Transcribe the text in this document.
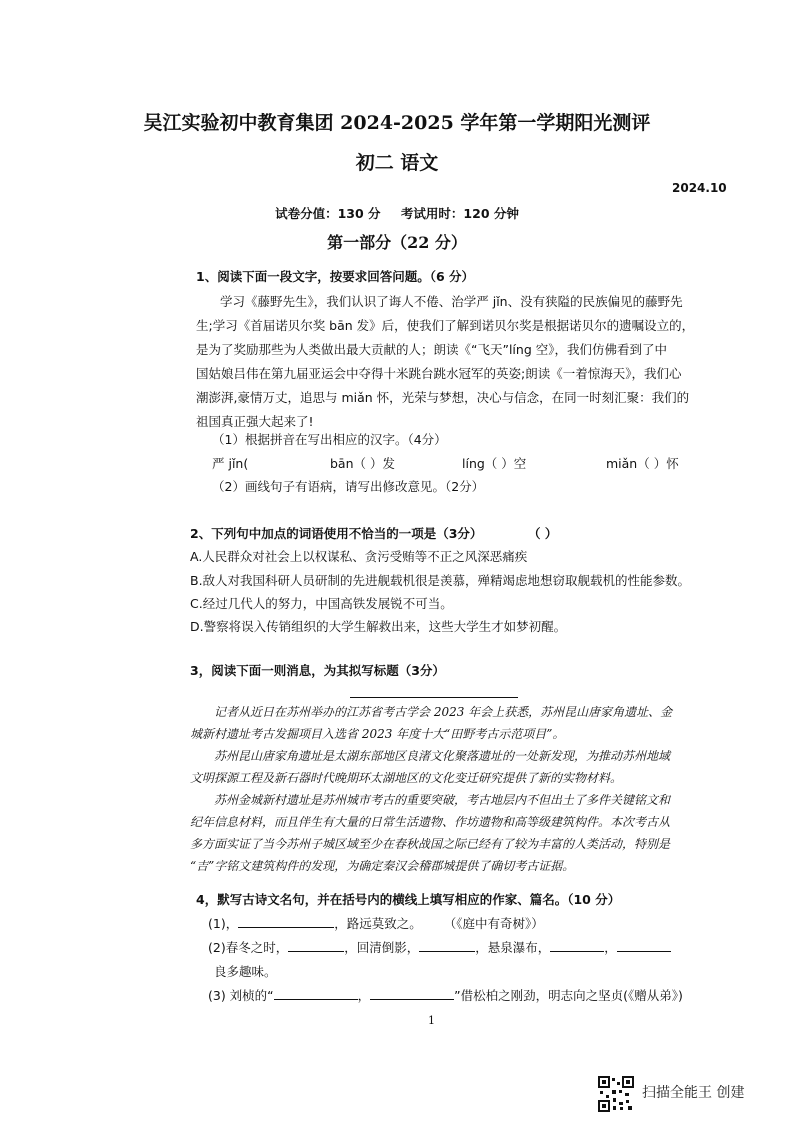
吴江实验初中教育集团 2024-2025 学年第一学期阳光测评
初二 语文
2024.10
试卷分值：130 分 考试用时：120 分钟
第一部分（22 分）
1、阅读下面一段文字，按要求回答问题。（6 分）
学习《藤野先生》，我们认识了诲人不倦、治学严 jǐn、没有狭隘的民族偏见的藤野先
生;学习《首届诺贝尔奖 bān 发》后，使我们了解到诺贝尔奖是根据诺贝尔的遗嘱设立的，
是为了奖励那些为人类做出最大贡献的人；朗读《“飞天”líng 空》，我们仿佛看到了中
国姑娘吕伟在第九届亚运会中夺得十米跳台跳水冠军的英姿;朗读《一着惊海天》，我们心
潮澎湃,豪情万丈，追思与 miǎn 怀，光荣与梦想，决心与信念，在同一时刻汇聚：我们的
祖国真正强大起来了!
（1）根据拼音在写出相应的汉字。（4分）
严 jǐn(	bān（ ）发	líng（ ）空	miǎn（ ）怀
（2）画线句子有语病，请写出修改意见。（2分）
2、下列句中加点的词语使用不恰当的一项是（3分）	（ ）
A.人民群众对社会上以权谋私、贪污受贿等不正之风深恶痛疾
B.敌人对我国科研人员研制的先进舰载机很是羡慕，殚精竭虑地想窃取舰载机的性能参数。
C.经过几代人的努力，中国高铁发展锐不可当。
D.警察将误入传销组织的大学生解救出来，这些大学生才如梦初醒。
3，阅读下面一则消息，为其拟写标题（3分）
记者从近日在苏州举办的江苏省考古学会 2023 年会上获悉，苏州昆山唐家角遗址、金
城新村遗址考古发掘项目入选省 2023 年度十大“田野考古示范项目”。
苏州昆山唐家角遗址是太湖东部地区良渚文化聚落遗址的一处新发现，为推动苏州地域
文明探源工程及新石器时代晚期环太湖地区的文化变迁研究提供了新的实物材料。
苏州金城新村遗址是苏州城市考古的重要突破，考古地层内不但出土了多件关键铭文和
纪年信息材料，而且伴生有大量的日常生活遗物、作坊遗物和高等级建筑构件。本次考古从
多方面实证了当今苏州子城区域至少在春秋战国之际已经有了较为丰富的人类活动，特别是
“吉”字铭文建筑构件的发现，为确定秦汉会稽郡城提供了确切考古证据。
4，默写古诗文名句，并在括号内的横线上填写相应的作家、篇名。（10 分）
(1)，	，路远莫致之。 （《庭中有奇树》）
(2)春冬之时，	，回清倒影，	，悬泉瀑布，	，
良多趣味。
(3) 刘桢的“	，	”借松柏之刚劲，明志向之坚贞(《赠从弟》)
1
扫描全能王 创建
